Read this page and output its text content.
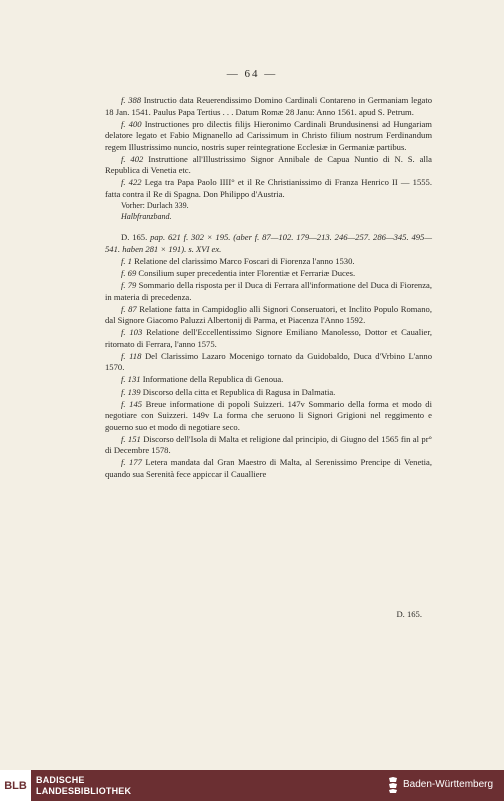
— 64 —

f. 388 Instructio data Reuerendissimo Domino Cardinali Contareno in Germaniam legato 18 Jan. 1541. Paulus Papa Tertius . . . Datum Romæ 28 Janu: Anno 1561. apud S. Petrum.

f. 400 Instructiones pro dilectis filijs Hieronimo Cardinali Brundusinensi ad Hungariam delatore legato et Fabio Mignanello ad Carissimum in Christo filium nostrum Ferdinandum regem Illustrissimo nuncio, nostris super reintegratione Ecclesiæ in Germaniæ partibus.

f. 402 Instruttione all'Illustrissimo Signor Annibale de Capua Nuntio di N. S. alla Republica di Venetia etc.

f. 422 Lega tra Papa Paolo IIII° et il Re Christianissimo di Franza Henrico II — 1555. fatta contra il Re di Spagna. Don Philippo d'Austria.

Vorher: Durlach 339.

Halbfranzband.

D. 165. pap. 621 f. 302 × 195. (aber f. 87—102. 179—213. 246—257. 286—345. 495—541. haben 281 × 191). s. XVI ex.

f. 1 Relatione del clarissimo Marco Foscari di Fiorenza l'anno 1530.

f. 69 Consilium super precedentia inter Florentiæ et Ferrariæ Duces.

f. 79 Sommario della risposta per il Duca di Ferrara all'informatione del Duca di Fiorenza, in materia di precedenza.

f. 87 Relatione fatta in Campidoglio alli Signori Conseruatori, et Inclito Populo Romano, dal Signore Giacomo Paluzzi Albertonij di Parma, et Piacenza l'Anno 1592.

f. 103 Relatione dell'Eccellentissimo Signore Emiliano Manolesso, Dottor et Caualier, ritornato di Ferrara, l'anno 1575.

f. 118 Del Clarissimo Lazaro Mocenigo tornato da Guidobaldo, Duca d'Vrbino L'anno 1570.

f. 131 Informatione della Republica di Genoua.

f. 139 Discorso della citta et Republica di Ragusa in Dalmatia.

f. 145 Breue informatione di popoli Suizzeri. 147v Sommario della forma et modo di negotiare con Suizzeri. 149v La forma che seruono li Signori Grigioni nel reggimento e gouerno suo et modo di negotiare seco.

f. 151 Discorso dell'Isola di Malta et religione dal principio, di Giugno del 1565 fin al pr° di Decembre 1578.

f. 177 Letera mandata dal Gran Maestro di Malta, al Serenissimo Prencipe di Venetia, quando sua Serenità fece appiccar il Caualliere

D. 165.
BLB	BADISCHE
LANDESBIBLIOTHEK
Baden-Württemberg
